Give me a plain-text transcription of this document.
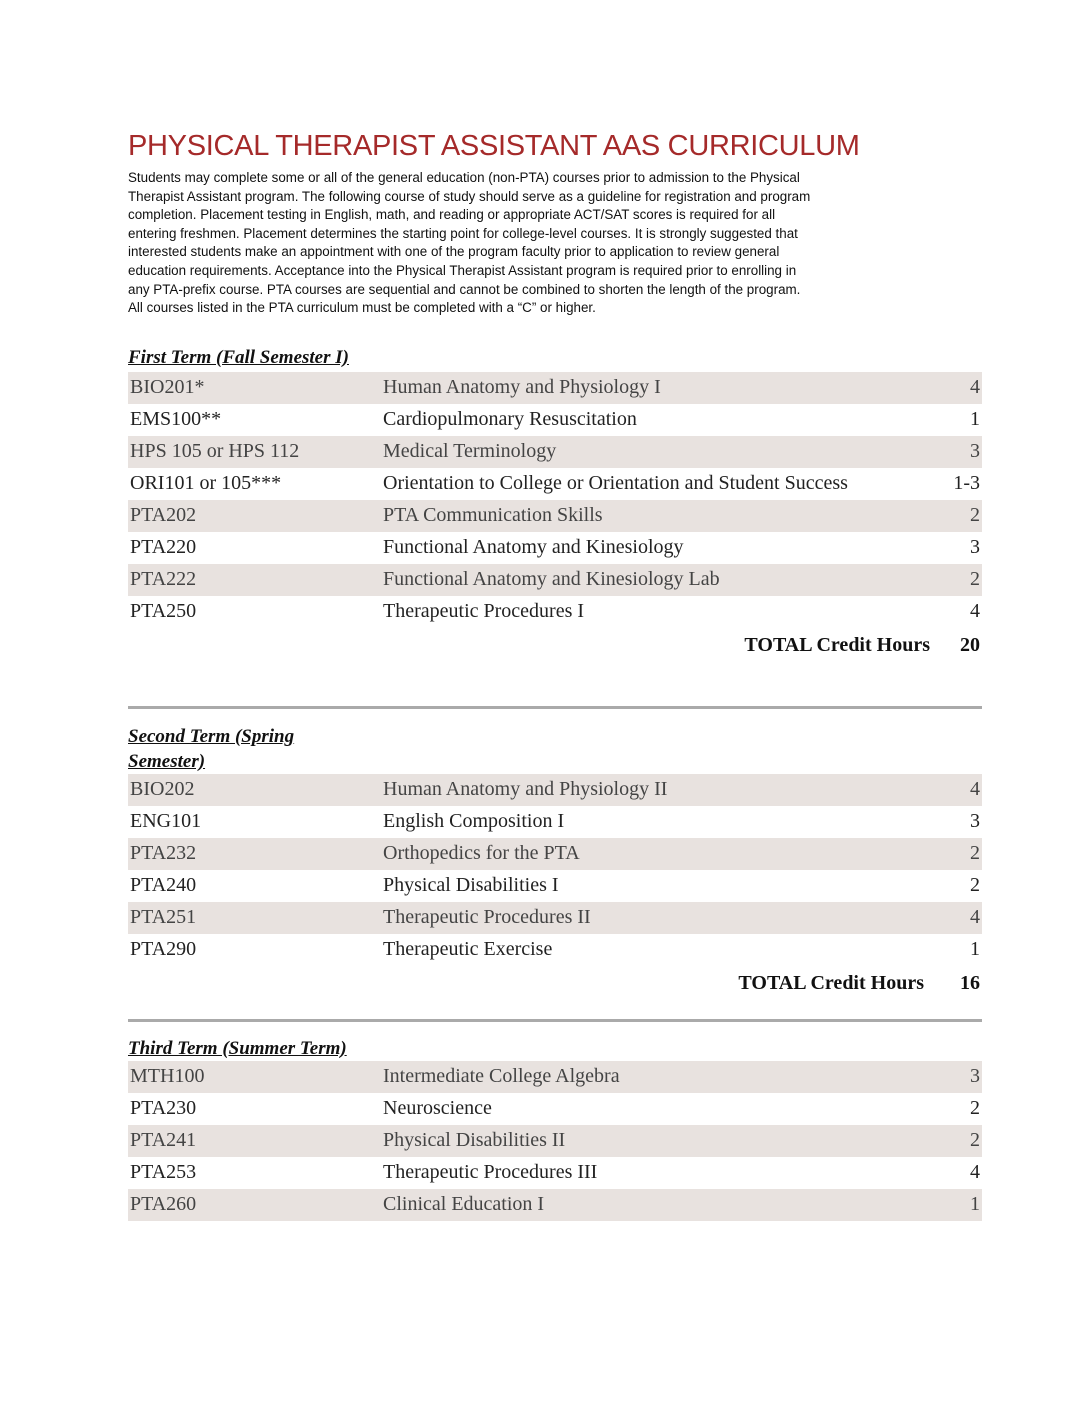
PHYSICAL THERAPIST ASSISTANT AAS CURRICULUM
Students may complete some or all of the general education (non-PTA) courses prior to admission to the Physical
Therapist Assistant program. The following course of study should serve as a guideline for registration and program
completion. Placement testing in English, math, and reading or appropriate ACT/SAT scores is required for all
entering freshmen. Placement determines the starting point for college-level courses. It is strongly suggested that
interested students make an appointment with one of the program faculty prior to application to review general
education requirements. Acceptance into the Physical Therapist Assistant program is required prior to enrolling in
any PTA-prefix course. PTA courses are sequential and cannot be combined to shorten the length of the program.
All courses listed in the PTA curriculum must be completed with a “C” or higher.
First Term (Fall Semester I)
BIO201*	Human Anatomy and Physiology I	4
EMS100**	Cardiopulmonary Resuscitation	1
HPS 105 or HPS 112	Medical Terminology	3
ORI101 or 105***	Orientation to College or Orientation and Student Success	1-3
PTA202	PTA Communication Skills	2
PTA220	Functional Anatomy and Kinesiology	3
PTA222	Functional Anatomy and Kinesiology Lab	2
PTA250	Therapeutic Procedures I	4
TOTAL Credit Hours 20
Second Term (Spring
Semester)
BIO202	Human Anatomy and Physiology II	4
ENG101	English Composition I	3
PTA232	Orthopedics for the PTA	2
PTA240	Physical Disabilities I	2
PTA251	Therapeutic Procedures II	4
PTA290	Therapeutic Exercise	1
TOTAL Credit Hours 16
Third Term (Summer Term)
MTH100	Intermediate College Algebra	3
PTA230	Neuroscience	2
PTA241	Physical Disabilities II	2
PTA253	Therapeutic Procedures III	4
PTA260	Clinical Education I	1
